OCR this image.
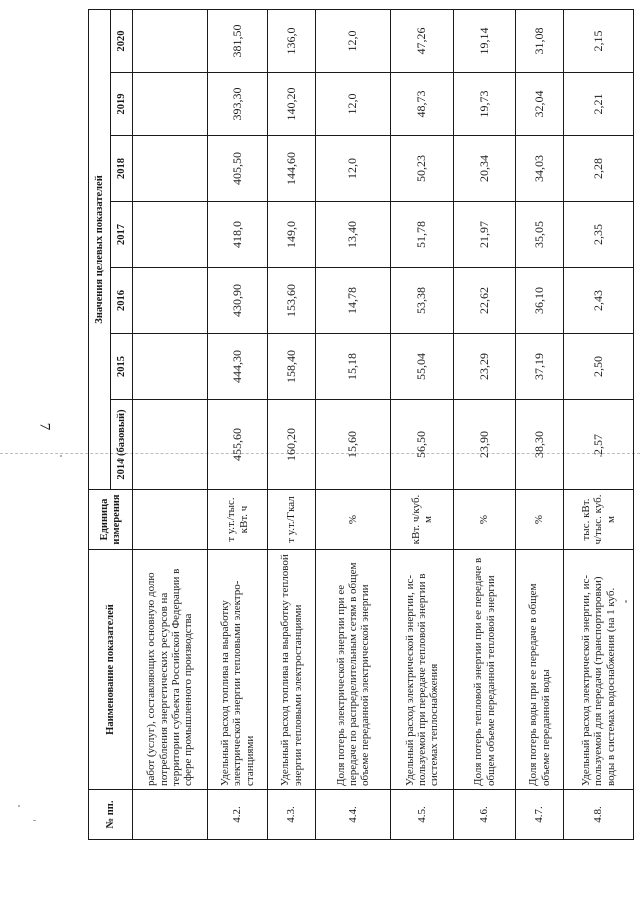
7
№ пп.	Наименование показателей	Единица измерения	Значения целевых показателей						
			2014 (базовый)	2015	2016	2017	2018	2019	2020
	работ (услуг), составляющих основную долю потребления энергетических ресурсов на территории субъекта Российской Федерации в сфере промышленного производства								
4.2.	Удельный расход топлива на выработку электрической энергии тепловыми электростанциями	т у.т./тыс. кВт. ч	455,60	444,30	430,90	418,0	405,50	393,30	381,50
4.3.	Удельный расход топлива на выработку тепловой энергии тепловыми электростанциями	т у.т./Гкал	160,20	158,40	153,60	149,0	144,60	140,20	136,0
4.4.	Доля потерь электрической энергии при ее передаче по распределительным сетям в общем объеме переданной электрической энергии	%	15,60	15,18	14,78	13,40	12,0	12,0	12,0
4.5.	Удельный расход электрической энергии, используемой при передаче тепловой энергии в системах теплоснабжения	кВт. ч/куб. м	56,50	55,04	53,38	51,78	50,23	48,73	47,26
4.6.	Доля потерь тепловой энергии при ее передаче в общем объеме переданной тепловой энергии	%	23,90	23,29	22,62	21,97	20,34	19,73	19,14
4.7.	Доля потерь воды при ее передаче в общем объеме переданной воды	%	38,30	37,19	36,10	35,05	34,03	32,04	31,08
4.8.	Удельный расход электрической энергии, используемой для передачи (транспортировки) воды в системах водоснабжения (на 1 куб.	тыс. кВт. ч/тыс. куб. м	2,57	2,50	2,43	2,35	2,28	2,21	2,15
